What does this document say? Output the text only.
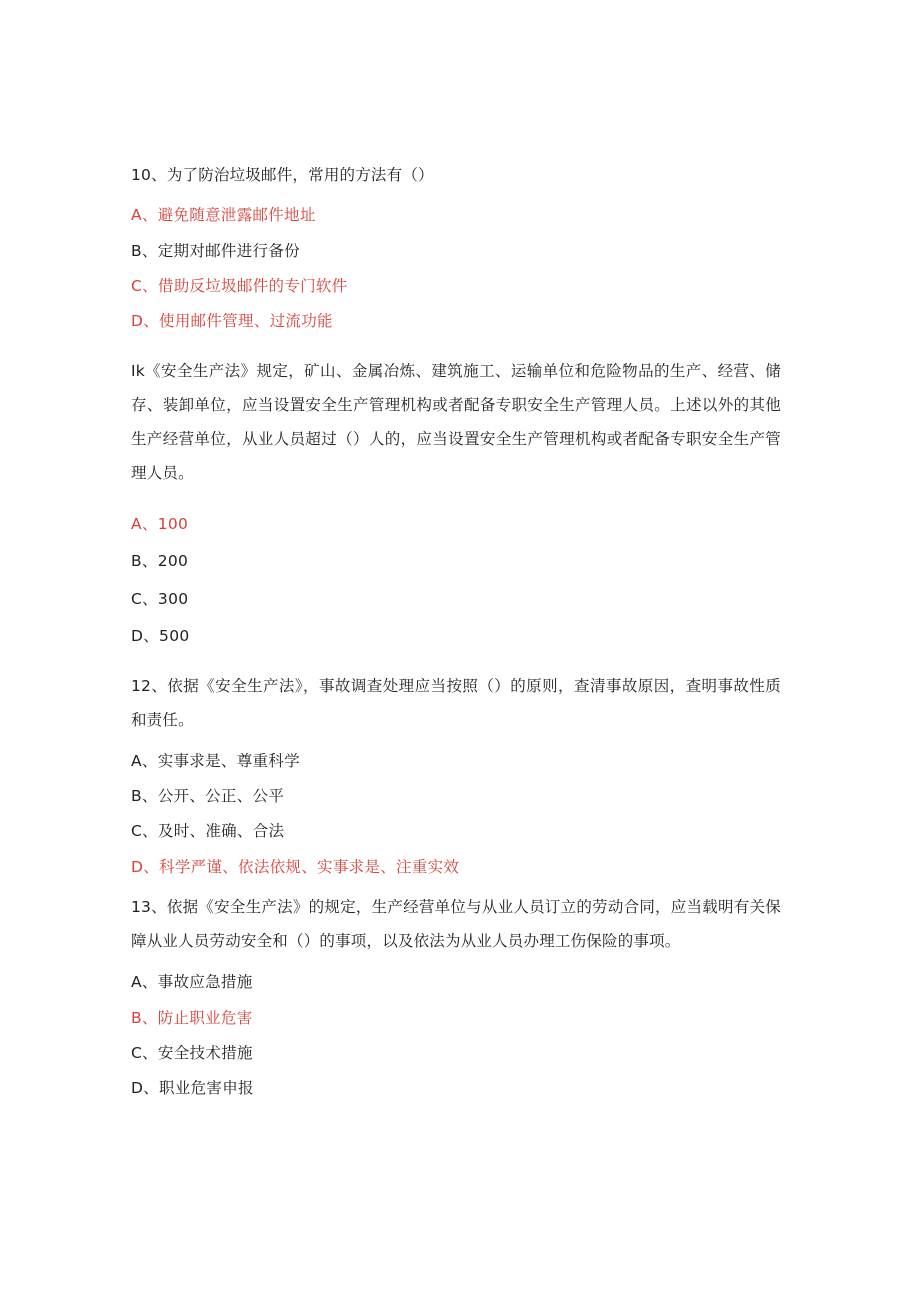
10、为了防治垃圾邮件，常用的方法有（）
A、避免随意泄露邮件地址
B、定期对邮件进行备份
C、借助反垃圾邮件的专门软件
D、使用邮件管理、过流功能
Ik《安全生产法》规定，矿山、金属冶炼、建筑施工、运输单位和危险物品的生产、经营、储存、装卸单位，应当设置安全生产管理机构或者配备专职安全生产管理人员。上述以外的其他生产经营单位，从业人员超过（）人的，应当设置安全生产管理机构或者配备专职安全生产管理人员。
A、100
B、200
C、300
D、500
12、依据《安全生产法》，事故调查处理应当按照（）的原则，查清事故原因，查明事故性质和责任。
A、实事求是、尊重科学
B、公开、公正、公平
C、及时、准确、合法
D、科学严谨、依法依规、实事求是、注重实效
13、依据《安全生产法》的规定，生产经营单位与从业人员订立的劳动合同，应当载明有关保障从业人员劳动安全和（）的事项，以及依法为从业人员办理工伤保险的事项。
A、事故应急措施
B、防止职业危害
C、安全技术措施
D、职业危害申报
